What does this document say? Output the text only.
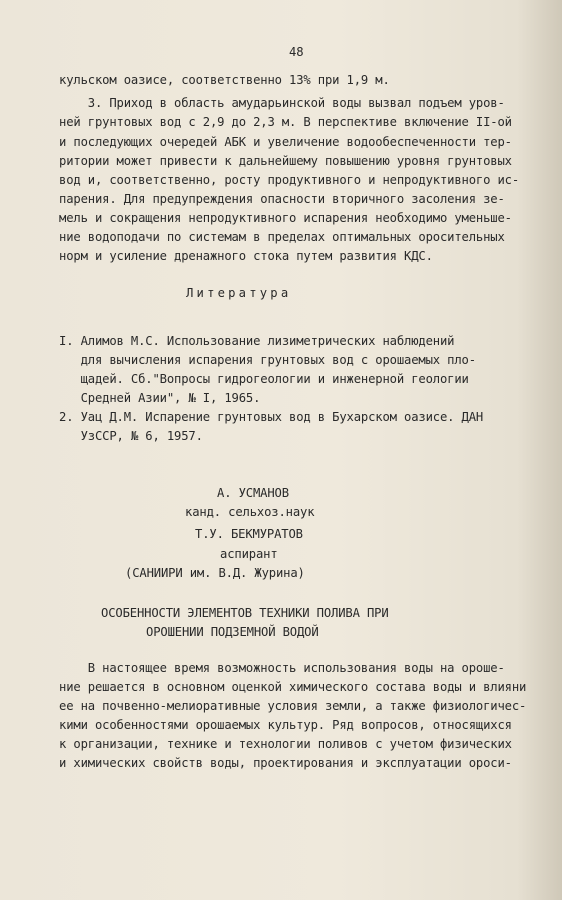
48
кульском оазисе, соответственно 13% при 1,9 м.
3. Приход в область амударьинской воды вызвал подъем уров-
ней грунтовых вод с 2,9 до 2,3 м. В перспективе включение II-ой
и последующих очередей АБК и увеличение водообеспеченности тер-
ритории может привести к дальнейшему повышению уровня грунтовых
вод и, соответственно, росту продуктивного и непродуктивного ис-
парения. Для предупреждения опасности вторичного засоления зе-
мель и сокращения непродуктивного испарения необходимо уменьше-
ние водоподачи по системам в пределах оптимальных оросительных
норм и усиление дренажного стока путем развития КДС.
Литература
I. Алимов М.С. Использование лизиметрических наблюдений
для вычисления испарения грунтовых вод с орошаемых пло-
щадей. Сб."Вопросы гидрогеологии и инженерной геологии
Средней Азии", № I, 1965.
2. Уац Д.М. Испарение грунтовых вод в Бухарском оазисе. ДАН
УзССР, № 6, 1957.
А. УСМАНОВ
канд. сельхоз.наук
Т.У. БЕКМУРАТОВ
аспирант
(САНИИРИ им. В.Д. Журина)
ОСОБЕННОСТИ ЭЛЕМЕНТОВ ТЕХНИКИ ПОЛИВА ПРИ
ОРОШЕНИИ ПОДЗЕМНОЙ ВОДОЙ
В настоящее время возможность использования воды на ороше-
ние решается в основном оценкой химического состава воды и влияни
ее на почвенно-мелиоративные условия земли, а также физиологичес-
кими особенностями орошаемых культур. Ряд вопросов, относящихся
к организации, технике и технологии поливов с учетом физических
и химических свойств воды, проектирования и эксплуатации ороси-
